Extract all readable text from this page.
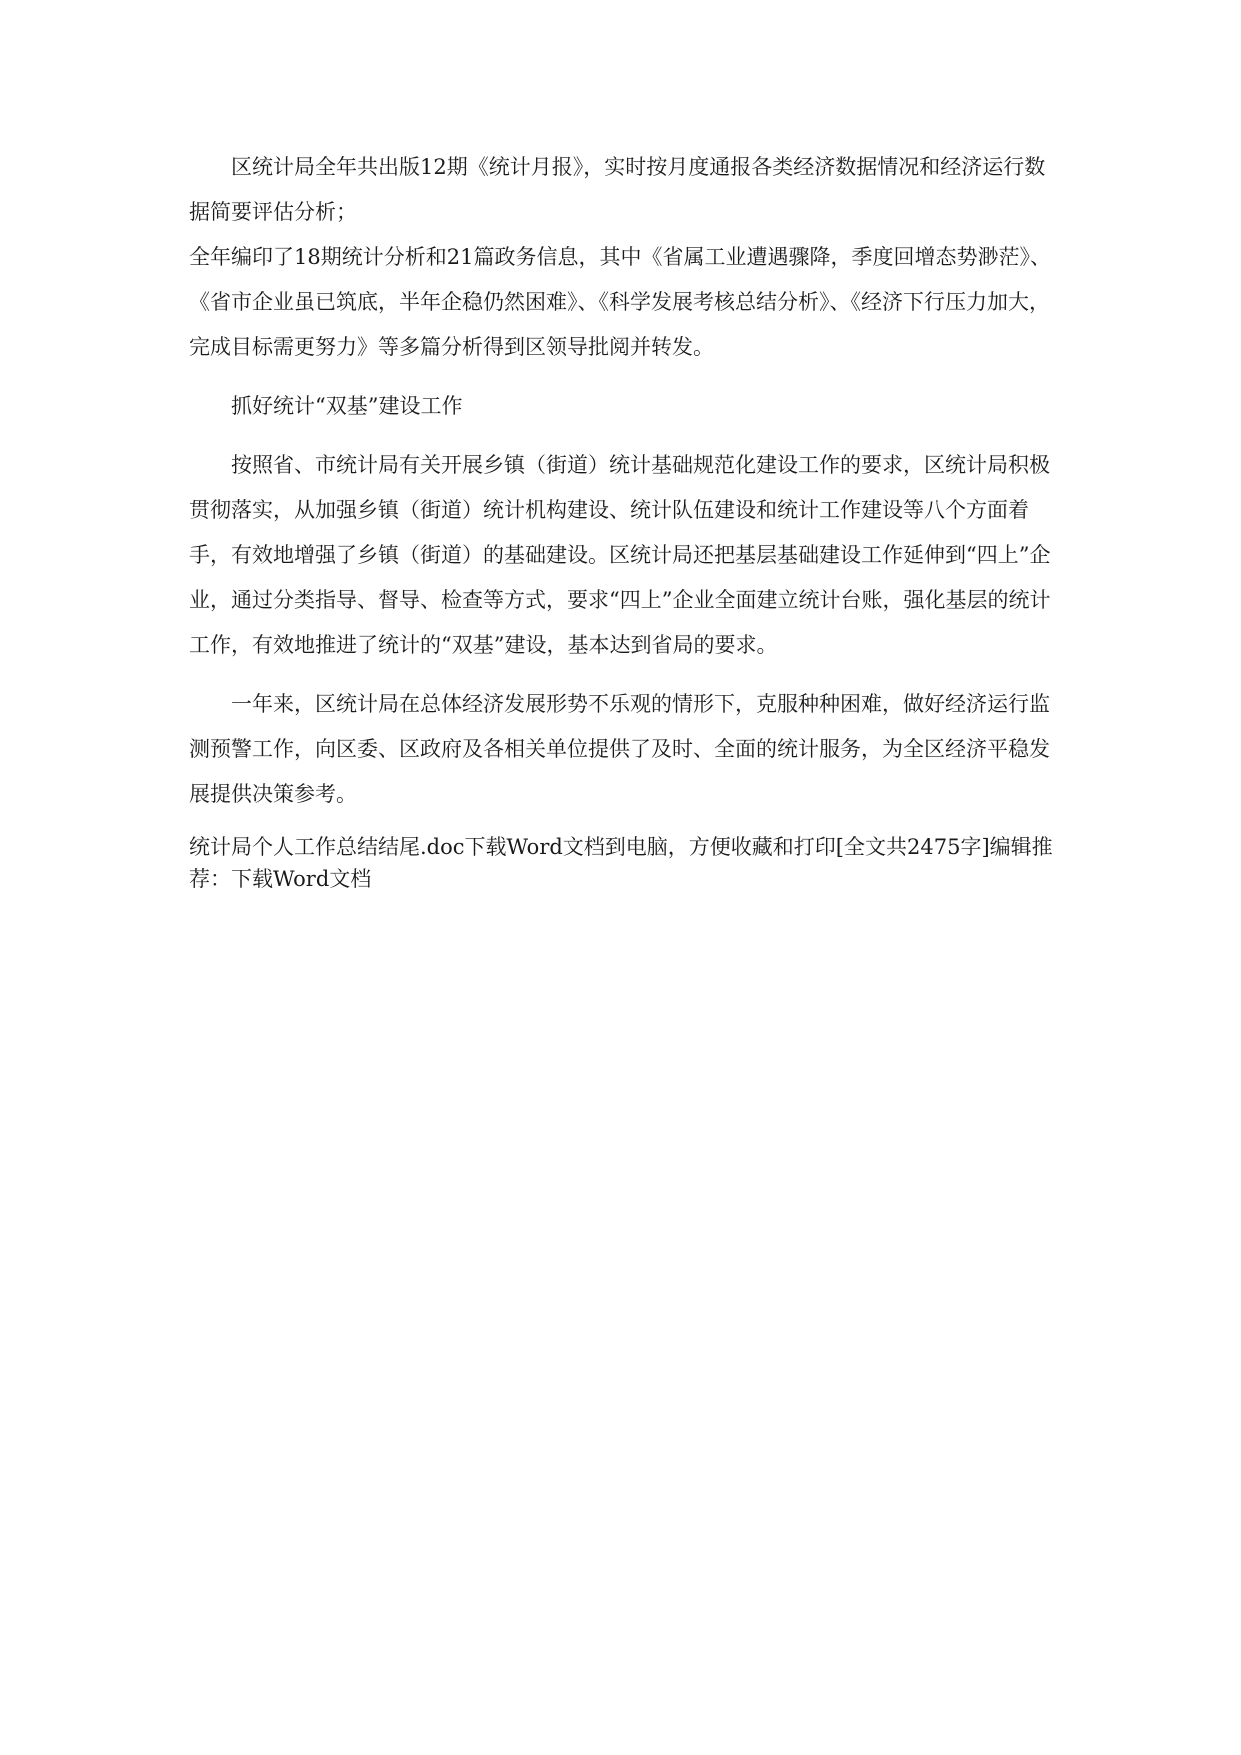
区统计局全年共出版12期《统计月报》，实时按月度通报各类经济数据情况和经济运行数据简要评估分析；

全年编印了18期统计分析和21篇政务信息，其中《省属工业遭遇骤降，季度回增态势渺茫》、《省市企业虽已筑底，半年企稳仍然困难》、《科学发展考核总结分析》、《经济下行压力加大，完成目标需更努力》等多篇分析得到区领导批阅并转发。

抓好统计“双基”建设工作

按照省、市统计局有关开展乡镇（街道）统计基础规范化建设工作的要求，区统计局积极贯彻落实，从加强乡镇（街道）统计机构建设、统计队伍建设和统计工作建设等八个方面着手，有效地增强了乡镇（街道）的基础建设。区统计局还把基层基础建设工作延伸到“四上”企业，通过分类指导、督导、检查等方式，要求“四上”企业全面建立统计台账，强化基层的统计工作，有效地推进了统计的“双基”建设，基本达到省局的要求。

一年来，区统计局在总体经济发展形势不乐观的情形下，克服种种困难，做好经济运行监测预警工作，向区委、区政府及各相关单位提供了及时、全面的统计服务，为全区经济平稳发展提供决策参考。

统计局个人工作总结结尾.doc下载Word文档到电脑，方便收藏和打印[全文共2475字]编辑推荐：下载Word文档
